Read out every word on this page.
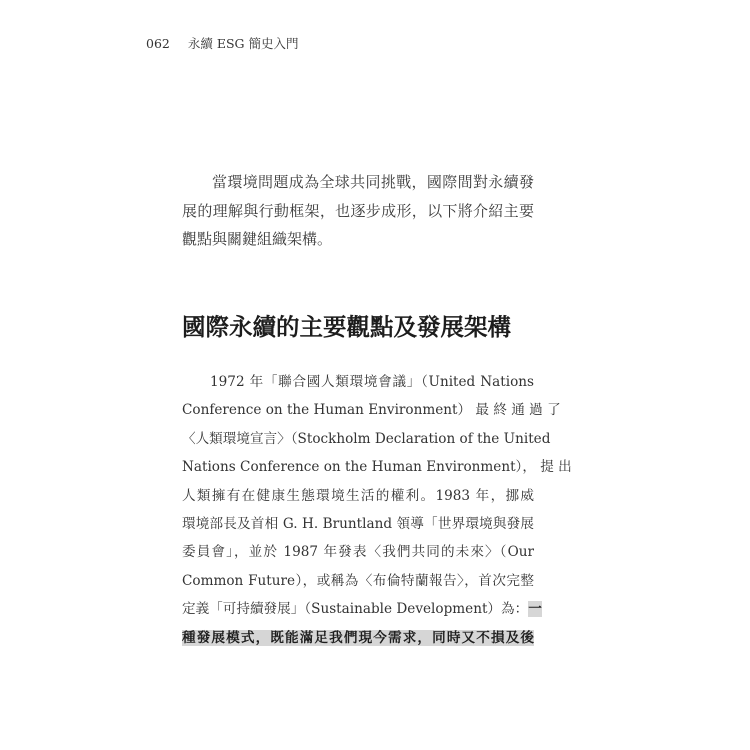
062 永續 ESG 簡史入門

當環境問題成為全球共同挑戰，國際間對永續發展的理解與行動框架，也逐步成形，以下將介紹主要觀點與關鍵組織架構。

國際永續的主要觀點及發展架構
1972 年「聯合國人類環境會議」（United Nations
Conference on the Human Environment） 最 終 通 過 了
〈人類環境宣言〉（Stockholm Declaration of the United
Nations Conference on the Human Environment）， 提 出
人類擁有在健康生態環境生活的權利。1983 年，挪威
環境部長及首相 G. H. Bruntland 領導「世界環境與發展
委員會」，並於 1987 年發表〈我們共同的未來〉（Our
Common Future），或稱為〈布倫特蘭報告〉，首次完整
定義「可持續發展」（Sustainable Development）為：一
種發展模式，既能滿足我們現今需求，同時又不損及後
